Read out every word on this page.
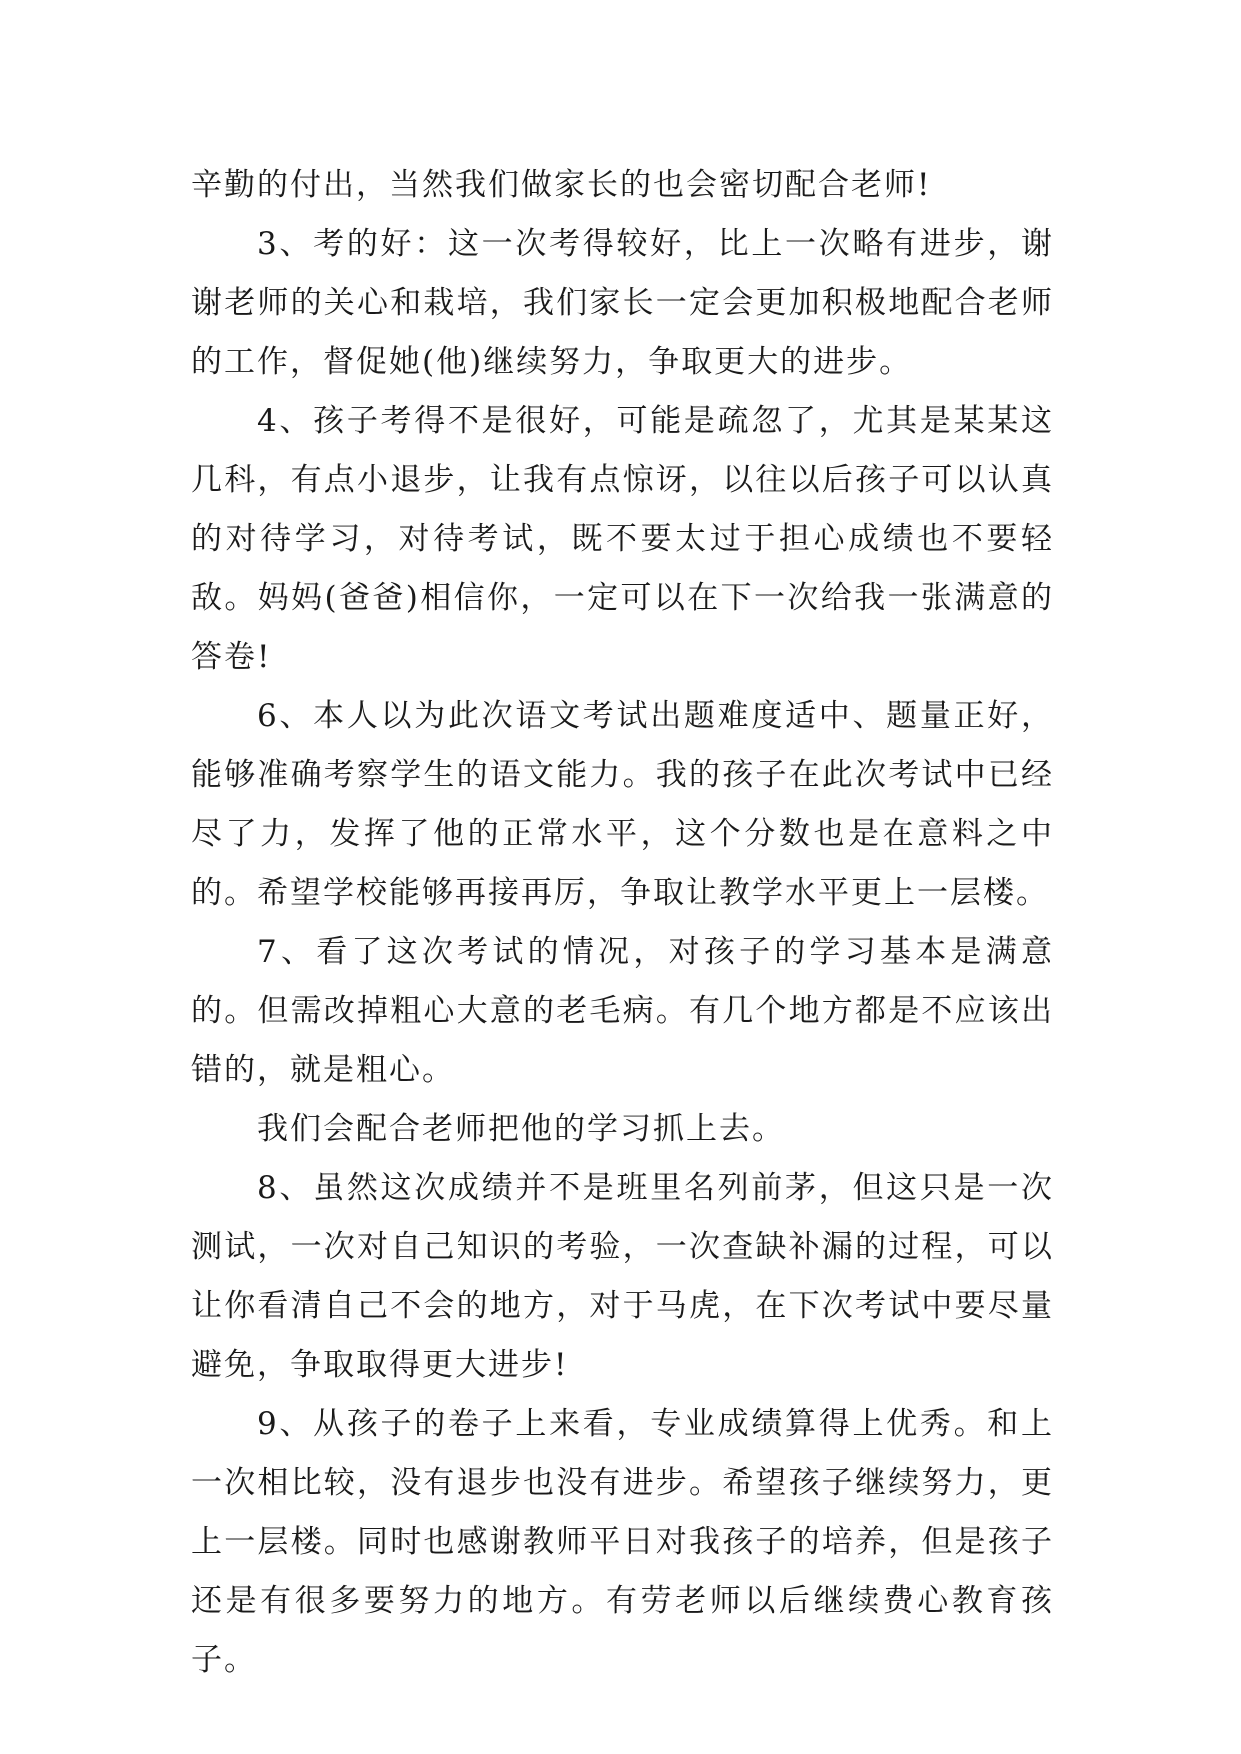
辛勤的付出，当然我们做家长的也会密切配合老师!

3、考的好：这一次考得较好，比上一次略有进步，谢谢老师的关心和栽培，我们家长一定会更加积极地配合老师的工作，督促她(他)继续努力，争取更大的进步。

4、孩子考得不是很好，可能是疏忽了，尤其是某某这几科，有点小退步，让我有点惊讶，以往以后孩子可以认真的对待学习，对待考试，既不要太过于担心成绩也不要轻敌。妈妈(爸爸)相信你，一定可以在下一次给我一张满意的答卷!

6、本人以为此次语文考试出题难度适中、题量正好，能够准确考察学生的语文能力。我的孩子在此次考试中已经尽了力，发挥了他的正常水平，这个分数也是在意料之中的。希望学校能够再接再厉，争取让教学水平更上一层楼。

7、看了这次考试的情况，对孩子的学习基本是满意的。但需改掉粗心大意的老毛病。有几个地方都是不应该出错的，就是粗心。

我们会配合老师把他的学习抓上去。

8、虽然这次成绩并不是班里名列前茅，但这只是一次测试，一次对自己知识的考验，一次查缺补漏的过程，可以让你看清自己不会的地方，对于马虎，在下次考试中要尽量避免，争取取得更大进步!

9、从孩子的卷子上来看，专业成绩算得上优秀。和上一次相比较，没有退步也没有进步。希望孩子继续努力，更上一层楼。同时也感谢教师平日对我孩子的培养，但是孩子还是有很多要努力的地方。有劳老师以后继续费心教育孩子。
